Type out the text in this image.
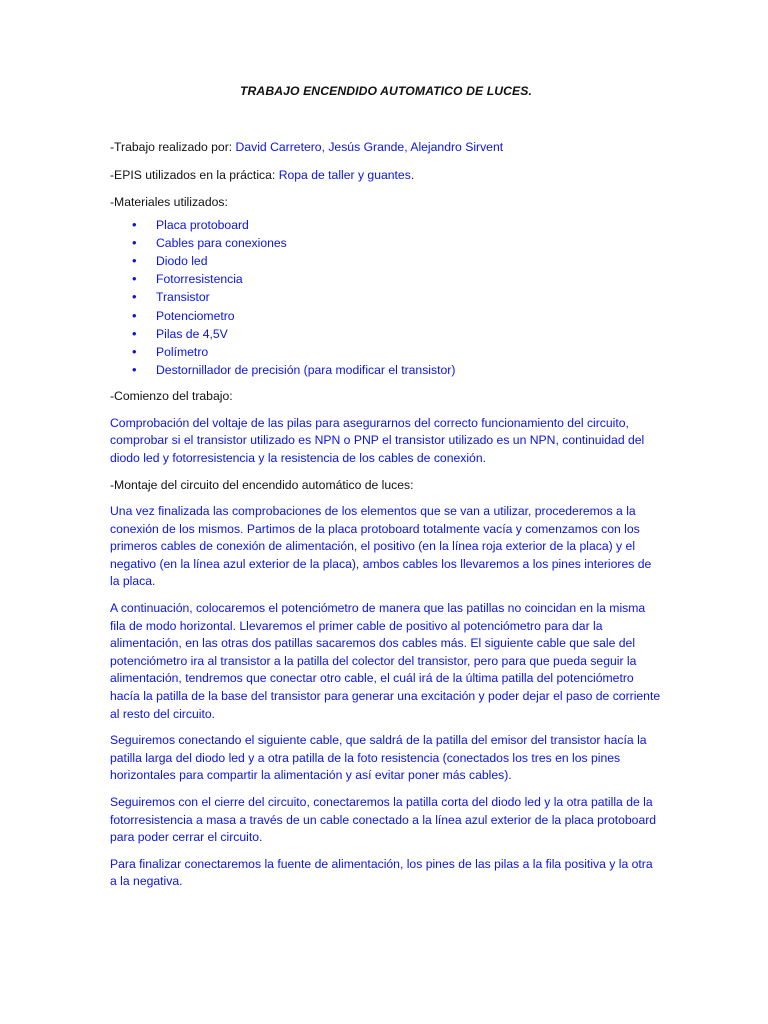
TRABAJO ENCENDIDO AUTOMATICO DE LUCES.
-Trabajo realizado por: David Carretero, Jesús Grande, Alejandro Sirvent
-EPIS utilizados en la práctica: Ropa de taller y guantes.
-Materiales utilizados:
• Placa protoboard
• Cables para conexiones
• Diodo led
• Fotorresistencia
• Transistor
• Potenciometro
• Pilas de 4,5V
• Polímetro
• Destornillador de precisión (para modificar el transistor)
-Comienzo del trabajo:

Comprobación del voltaje de las pilas para asegurarnos del correcto funcionamiento del circuito, comprobar si el transistor utilizado es NPN o PNP el transistor utilizado es un NPN, continuidad del diodo led y fotorresistencia y la resistencia de los cables de conexión.

-Montaje del circuito del encendido automático de luces:

Una vez finalizada las comprobaciones de los elementos que se van a utilizar, procederemos a la conexión de los mismos. Partimos de la placa protoboard totalmente vacía y comenzamos con los primeros cables de conexión de alimentación, el positivo (en la línea roja exterior de la placa) y el negativo (en la línea azul exterior de la placa), ambos cables los llevaremos a los pines interiores de la placa.

A continuación, colocaremos el potenciómetro de manera que las patillas no coincidan en la misma fila de modo horizontal. Llevaremos el primer cable de positivo al potenciómetro para dar la alimentación, en las otras dos patillas sacaremos dos cables más. El siguiente cable que sale del potenciómetro ira al transistor a la patilla del colector del transistor, pero para que pueda seguir la alimentación, tendremos que conectar otro cable, el cuál irá de la última patilla del potenciómetro hacía la patilla de la base del transistor para generar una excitación y poder dejar el paso de corriente al resto del circuito.

Seguiremos conectando el siguiente cable, que saldrá de la patilla del emisor del transistor hacía la patilla larga del diodo led y a otra patilla de la foto resistencia (conectados los tres en los pines horizontales para compartir la alimentación y así evitar poner más cables).

Seguiremos con el cierre del circuito, conectaremos la patilla corta del diodo led y la otra patilla de la fotorresistencia a masa a través de un cable conectado a la línea azul exterior de la placa protoboard para poder cerrar el circuito.

Para finalizar conectaremos la fuente de alimentación, los pines de las pilas a la fila positiva y la otra a la negativa.
